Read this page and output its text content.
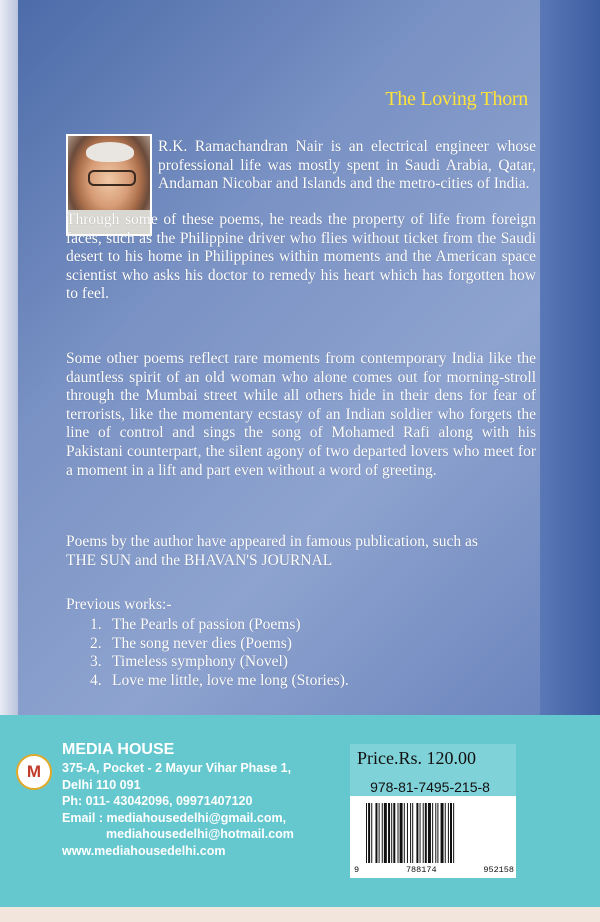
The Loving Thorn
R.K. Ramachandran Nair is an electrical engineer whose professional life was mostly spent in Saudi Arabia, Qatar, Andaman Nicobar and Islands and the metro-cities of India.
Through some of these poems, he reads the property of life from foreign faces, such as the Philippine driver who flies without ticket from the Saudi desert to his home in Philippines within moments and the American space scientist who asks his doctor to remedy his heart which has forgotten how to feel.
Some other poems reflect rare moments from contemporary India like the dauntless spirit of an old woman who alone comes out for morning-stroll through the Mumbai street while all others hide in their dens for fear of terrorists, like the momentary ecstasy of an Indian soldier who forgets the line of control and sings the song of Mohamed Rafi along with his Pakistani counterpart, the silent agony of two departed lovers who meet for a moment in a lift and part even without a word of greeting.
Poems by the author have appeared in famous publication, such as
THE SUN and the BHAVAN'S JOURNAL
Previous works:-
1. The Pearls of passion (Poems)
2. The song never dies (Poems)
3. Timeless symphony (Novel)
4. Love me little, love me long (Stories).
M
MEDIA HOUSE
375-A, Pocket - 2 Mayur Vihar Phase 1,
Delhi 110 091
Ph: 011- 43042096, 09971407120
Email : mediahousedelhi@gmail.com,
mediahousedelhi@hotmail.com
www.mediahousedelhi.com
Price.Rs. 120.00
978-81-7495-215-8
9	788174	952158
